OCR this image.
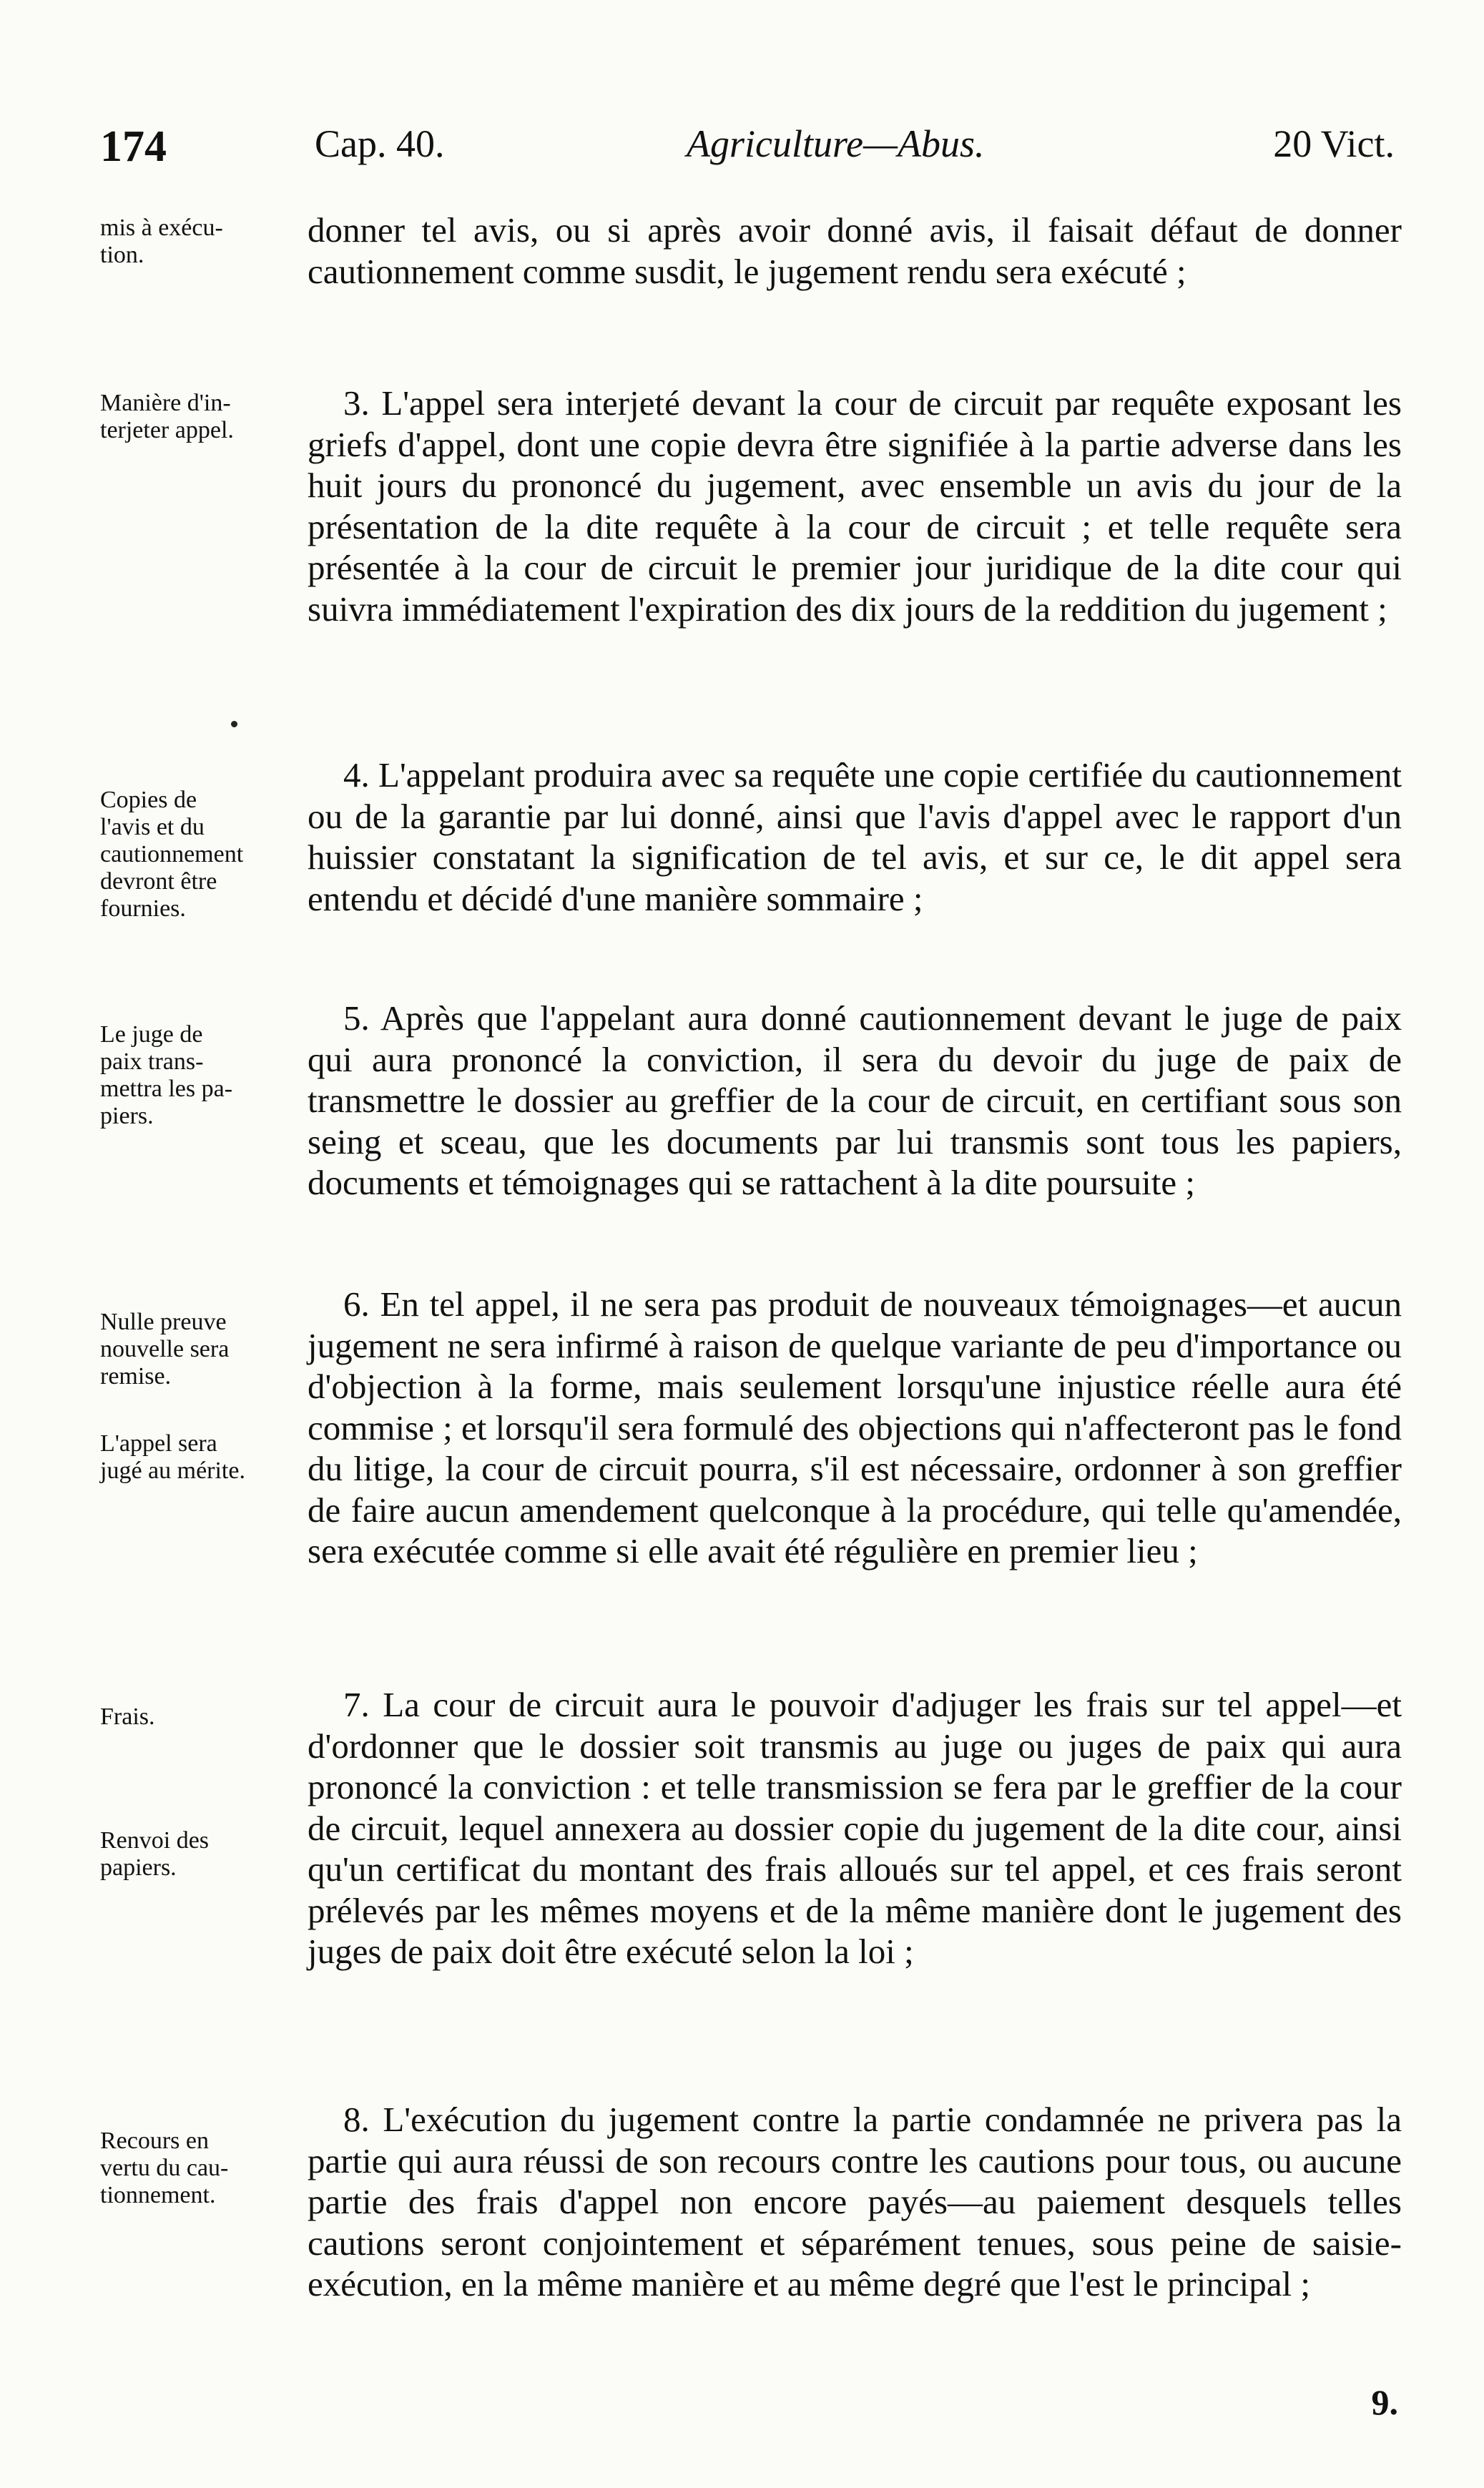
174	Cap. 40.	Agriculture—Abus.	20 Vict.
mis à exécu-
tion.
Manière d'in-
terjeter appel.
Copies de
l'avis et du
cautionnement
devront être
fournies.
Le juge de
paix trans-
mettra les pa-
piers.
Nulle preuve
nouvelle sera
remise.
L'appel sera
jugé au mérite.
Frais.
Renvoi des
papiers.
Recours en
vertu du cau-
tionnement.
donner tel avis, ou si après avoir donné avis, il faisait défaut de donner cautionnement comme susdit, le jugement rendu sera exécuté ;
3. L'appel sera interjeté devant la cour de circuit par requête exposant les griefs d'appel, dont une copie devra être signifiée à la partie adverse dans les huit jours du prononcé du jugement, avec ensemble un avis du jour de la présentation de la dite requête à la cour de circuit ; et telle requête sera présentée à la cour de circuit le premier jour juridique de la dite cour qui suivra immédiatement l'expiration des dix jours de la reddition du jugement ;
4. L'appelant produira avec sa requête une copie certifiée du cautionnement ou de la garantie par lui donné, ainsi que l'avis d'appel avec le rapport d'un huissier constatant la signification de tel avis, et sur ce, le dit appel sera entendu et décidé d'une manière sommaire ;
5. Après que l'appelant aura donné cautionnement devant le juge de paix qui aura prononcé la conviction, il sera du devoir du juge de paix de transmettre le dossier au greffier de la cour de circuit, en certifiant sous son seing et sceau, que les documents par lui transmis sont tous les papiers, documents et témoignages qui se rattachent à la dite poursuite ;
6. En tel appel, il ne sera pas produit de nouveaux témoignages—et aucun jugement ne sera infirmé à raison de quelque variante de peu d'importance ou d'objection à la forme, mais seulement lorsqu'une injustice réelle aura été commise ; et lorsqu'il sera formulé des objections qui n'affecteront pas le fond du litige, la cour de circuit pourra, s'il est nécessaire, ordonner à son greffier de faire aucun amendement quelconque à la procédure, qui telle qu'amendée, sera exécutée comme si elle avait été régulière en premier lieu ;
7. La cour de circuit aura le pouvoir d'adjuger les frais sur tel appel—et d'ordonner que le dossier soit transmis au juge ou juges de paix qui aura prononcé la conviction : et telle transmission se fera par le greffier de la cour de circuit, lequel annexera au dossier copie du jugement de la dite cour, ainsi qu'un certificat du montant des frais alloués sur tel appel, et ces frais seront prélevés par les mêmes moyens et de la même manière dont le jugement des juges de paix doit être exécuté selon la loi ;
8. L'exécution du jugement contre la partie condamnée ne privera pas la partie qui aura réussi de son recours contre les cautions pour tous, ou aucune partie des frais d'appel non encore payés—au paiement desquels telles cautions seront conjointement et séparément tenues, sous peine de saisie-exécution, en la même manière et au même degré que l'est le principal ;
9.
